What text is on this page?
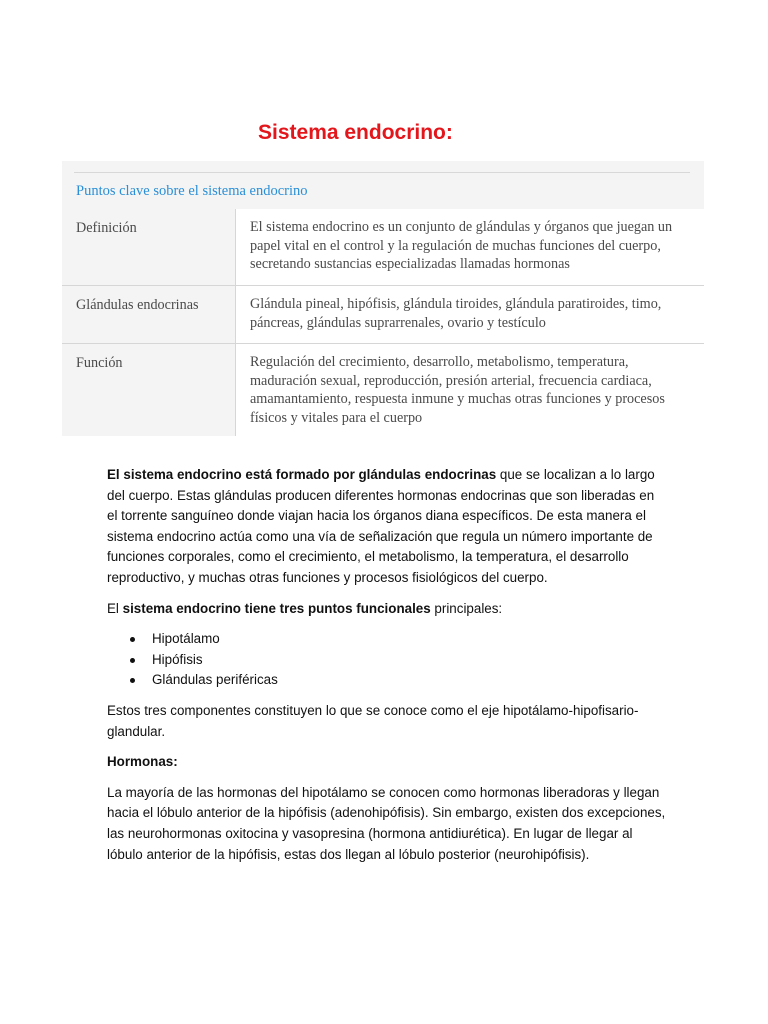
Sistema endocrino:
Puntos clave sobre el sistema endocrino
Definición	El sistema endocrino es un conjunto de glándulas y órganos que juegan un papel vital en el control y la regulación de muchas funciones del cuerpo, secretando sustancias especializadas llamadas hormonas
Glándulas endocrinas	Glándula pineal, hipófisis, glándula tiroides, glándula paratiroides, timo, páncreas, glándulas suprarrenales, ovario y testículo
Función	Regulación del crecimiento, desarrollo, metabolismo, temperatura, maduración sexual, reproducción, presión arterial, frecuencia cardiaca, amamantamiento, respuesta inmune y muchas otras funciones y procesos físicos y vitales para el cuerpo

El sistema endocrino está formado por glándulas endocrinas que se localizan a lo largo del cuerpo. Estas glándulas producen diferentes hormonas endocrinas que son liberadas en el torrente sanguíneo donde viajan hacia los órganos diana específicos. De esta manera el sistema endocrino actúa como una vía de señalización que regula un número importante de funciones corporales, como el crecimiento, el metabolismo, la temperatura, el desarrollo reproductivo, y muchas otras funciones y procesos fisiológicos del cuerpo.

El sistema endocrino tiene tres puntos funcionales principales:

Hipotálamo
Hipófisis
Glándulas periféricas

Estos tres componentes constituyen lo que se conoce como el eje hipotálamo-hipofisario-glandular.

Hormonas:

La mayoría de las hormonas del hipotálamo se conocen como hormonas liberadoras y llegan hacia el lóbulo anterior de la hipófisis (adenohipófisis). Sin embargo, existen dos excepciones, las neurohormonas oxitocina y vasopresina (hormona antidiurética). En lugar de llegar al lóbulo anterior de la hipófisis, estas dos llegan al lóbulo posterior (neurohipófisis).
